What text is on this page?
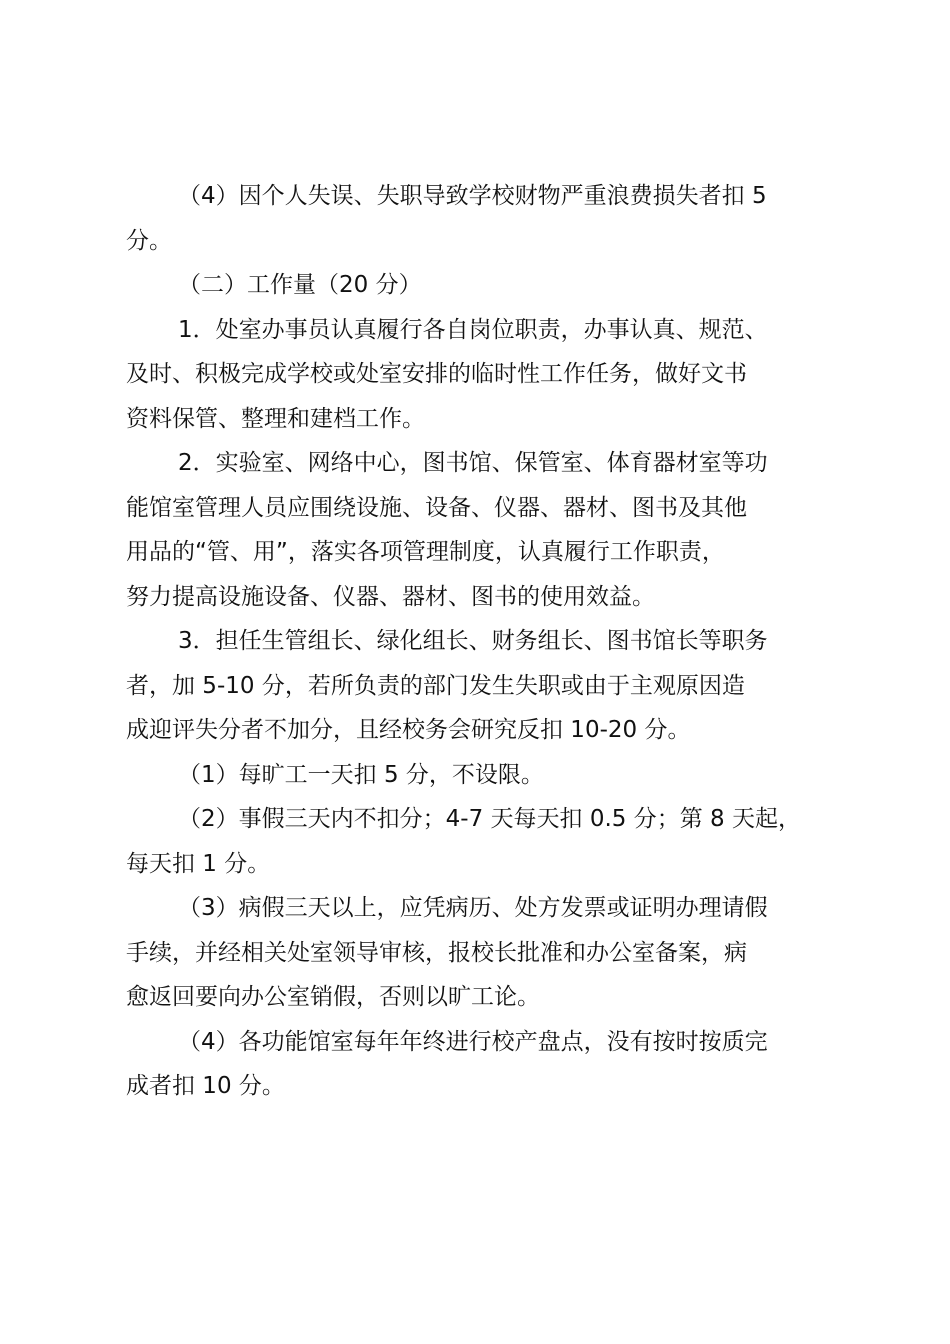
（4）因个人失误、失职导致学校财物严重浪费损失者扣 5
分。

（二）工作量（20 分）

1．处室办事员认真履行各自岗位职责，办事认真、规范、
及时、积极完成学校或处室安排的临时性工作任务，做好文书
资料保管、整理和建档工作。

2．实验室、网络中心，图书馆、保管室、体育器材室等功
能馆室管理人员应围绕设施、设备、仪器、器材、图书及其他
用品的“管、用”，落实各项管理制度，认真履行工作职责，
努力提高设施设备、仪器、器材、图书的使用效益。

3．担任生管组长、绿化组长、财务组长、图书馆长等职务
者，加 5-10 分，若所负责的部门发生失职或由于主观原因造
成迎评失分者不加分，且经校务会研究反扣 10-20 分。

（1）每旷工一天扣 5 分，不设限。

（2）事假三天内不扣分；4-7 天每天扣 0.5 分；第 8 天起，
每天扣 1 分。

（3）病假三天以上，应凭病历、处方发票或证明办理请假
手续，并经相关处室领导审核，报校长批准和办公室备案，病
愈返回要向办公室销假，否则以旷工论。

（4）各功能馆室每年年终进行校产盘点，没有按时按质完
成者扣 10 分。
